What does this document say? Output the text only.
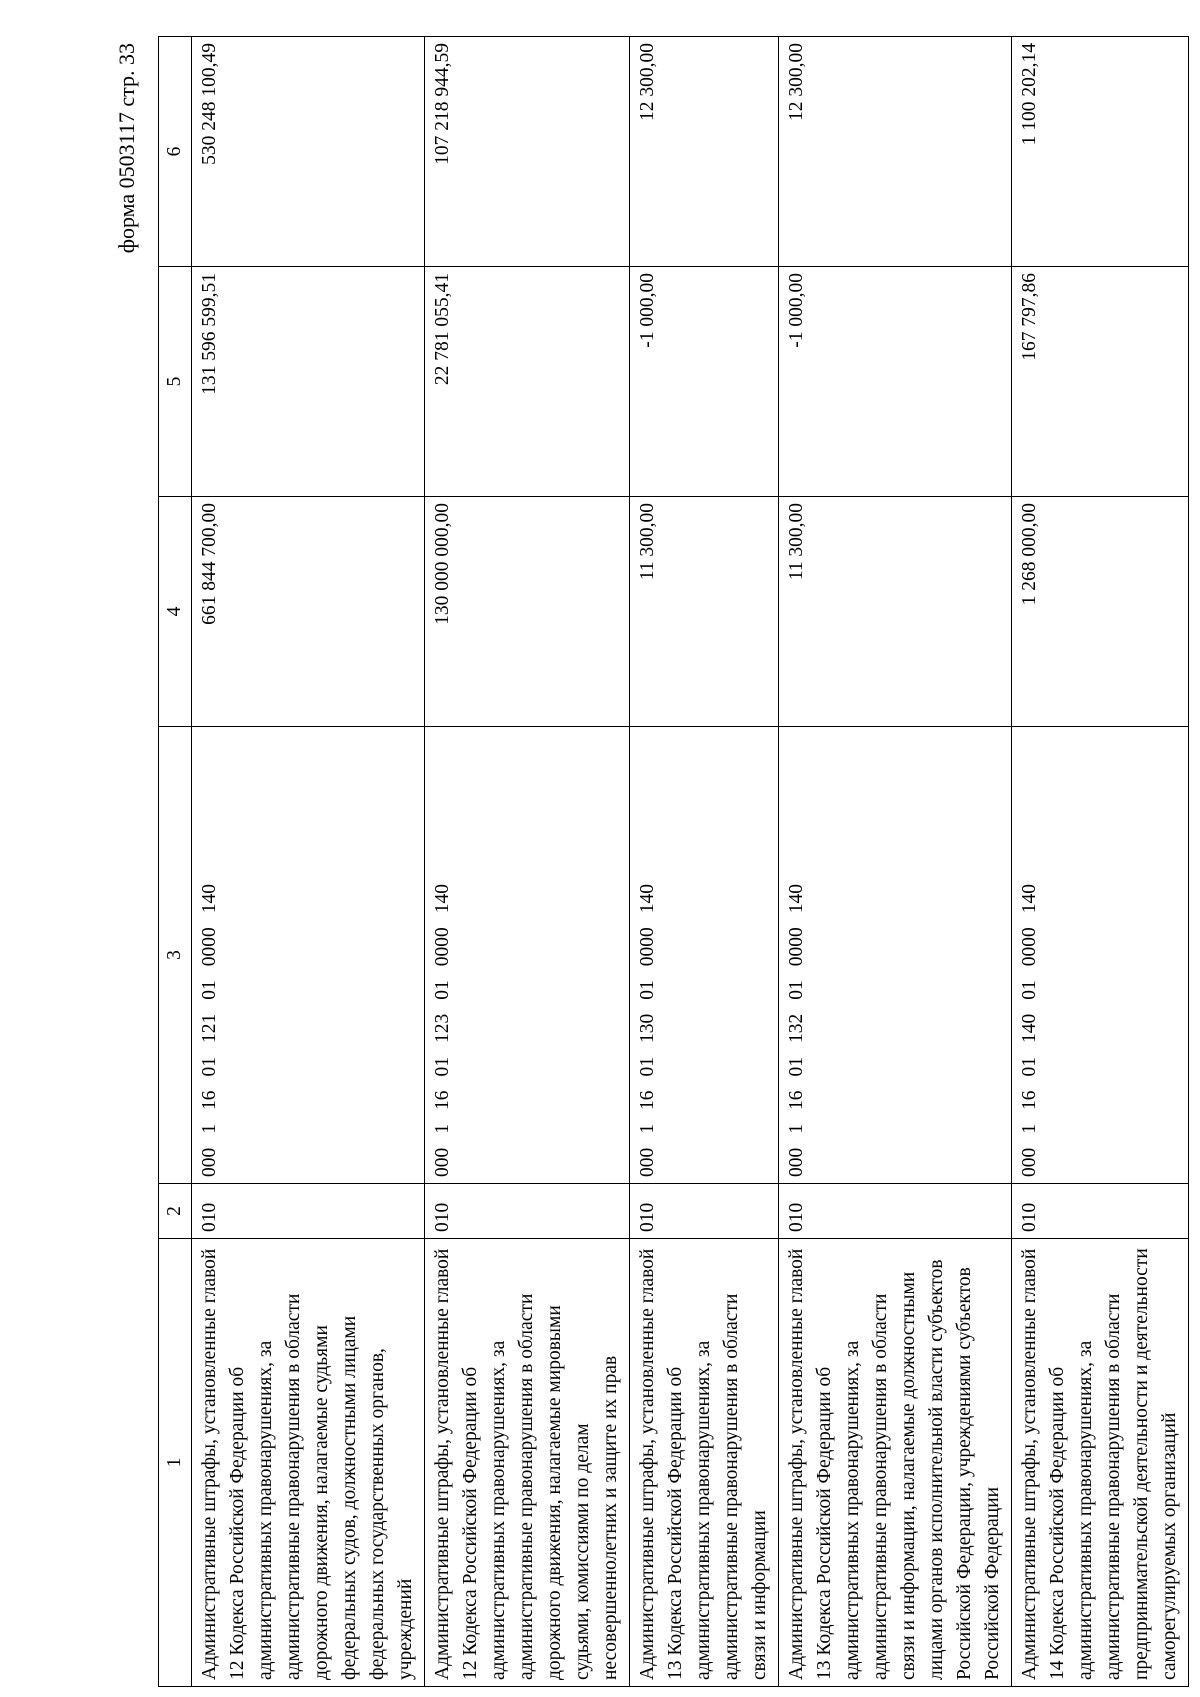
форма 0503117 стр. 33
1	2	3	4	5	6
Административные штрафы, установленные главой 12 Кодекса Российской Федерации об административных правонарушениях, за административные правонарушения в области дорожного движения, налагаемые судьями федеральных судов, должностными лицами федеральных государственных органов, учреждений	010	00011601121010000140	661 844 700,00	131 596 599,51	530 248 100,49
Административные штрафы, установленные главой 12 Кодекса Российской Федерации об административных правонарушениях, за административные правонарушения в области дорожного движения, налагаемые мировыми судьями, комиссиями по делам несовершеннолетних и защите их прав	010	00011601123010000140	130 000 000,00	22 781 055,41	107 218 944,59
Административные штрафы, установленные главой 13 Кодекса Российской Федерации об административных правонарушениях, за административные правонарушения в области связи и информации	010	00011601130010000140	11 300,00	-1 000,00	12 300,00
Административные штрафы, установленные главой 13 Кодекса Российской Федерации об административных правонарушениях, за административные правонарушения в области связи и информации, налагаемые должностными лицами органов исполнительной власти субъектов Российской Федерации, учреждениями субъектов Российской Федерации	010	00011601132010000140	11 300,00	-1 000,00	12 300,00
Административные штрафы, установленные главой 14 Кодекса Российской Федерации об административных правонарушениях, за административные правонарушения в области предпринимательской деятельности и деятельности саморегулируемых организаций	010	00011601140010000140	1 268 000,00	167 797,86	1 100 202,14
